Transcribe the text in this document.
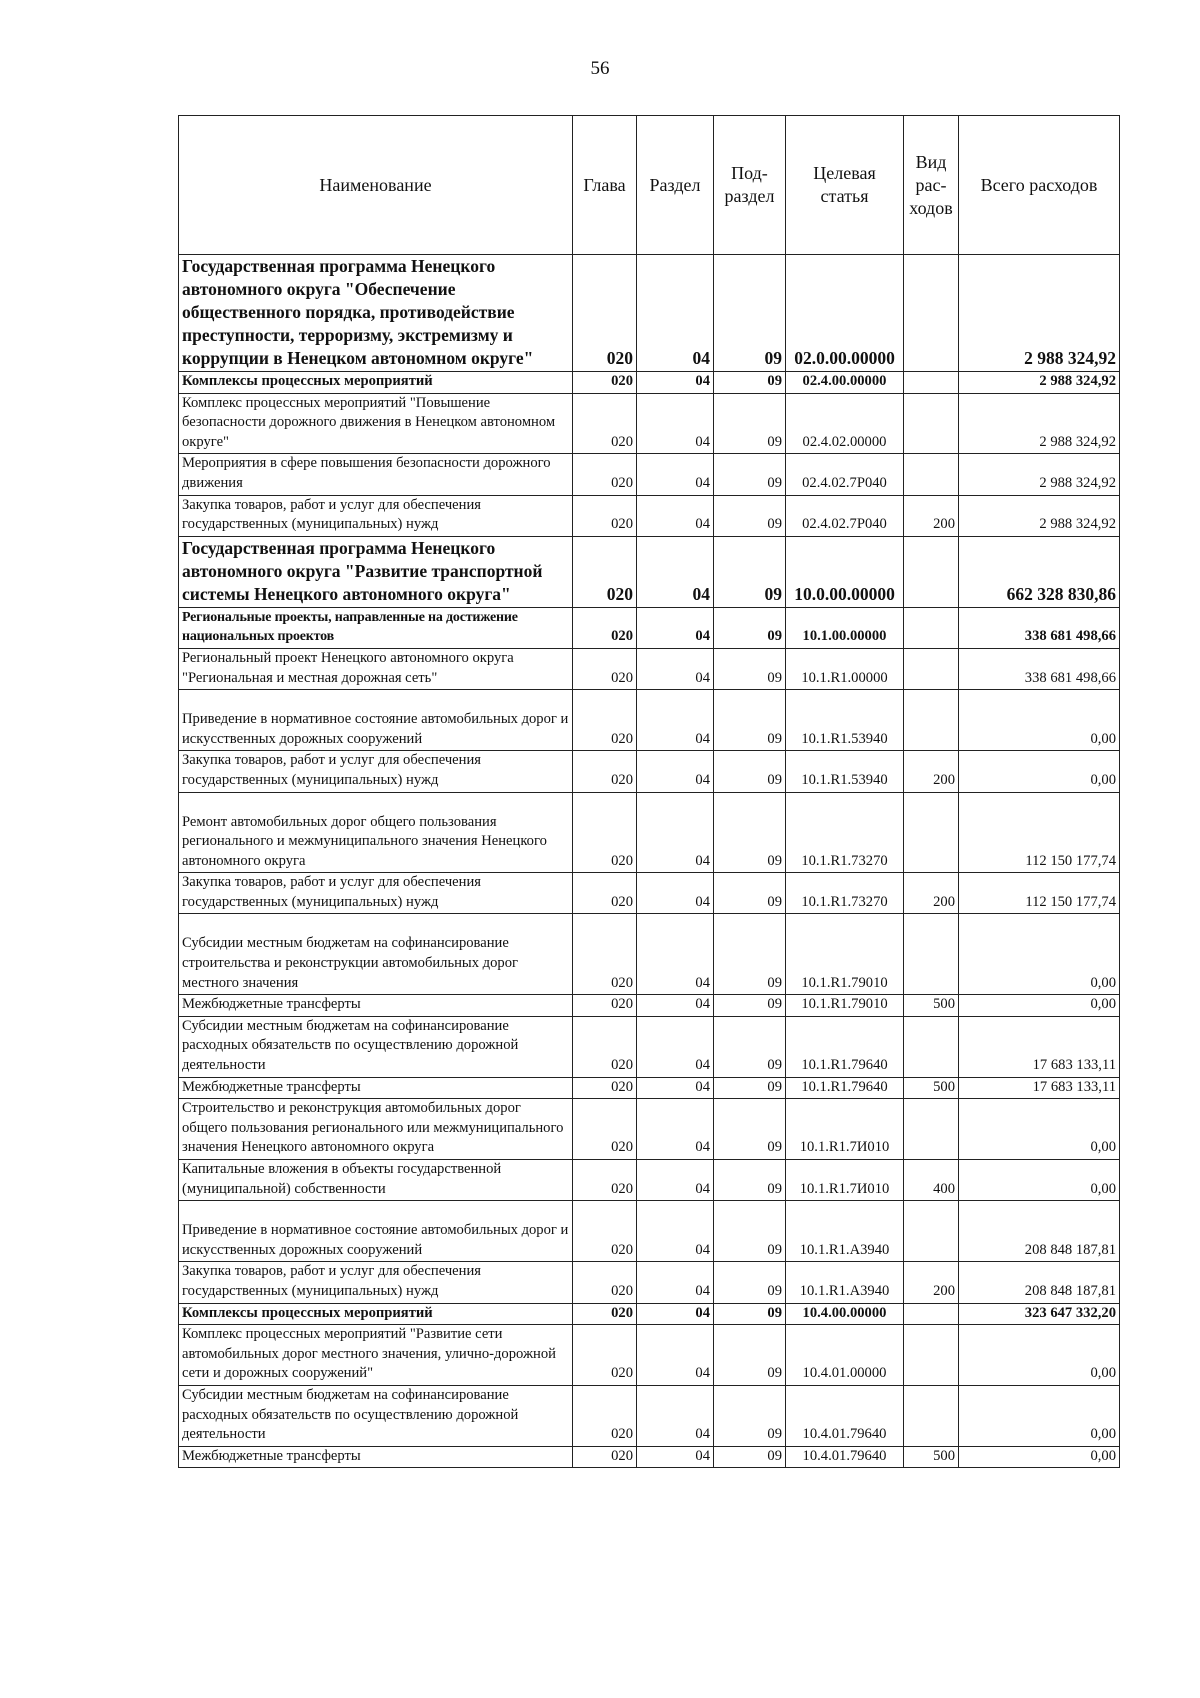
56
Наименование	Глава	Раздел	Под-раздел	Целевая статья	Вид рас-ходов	Всего расходов
Государственная программа Ненецкого автономного округа "Обеспечение общественного порядка, противодействие преступности, терроризму, экстремизму и коррупции в Ненецком автономном округе"	020	04	09	02.0.00.00000		2 988 324,92
Комплексы процессных мероприятий	020	04	09	02.4.00.00000		2 988 324,92
Комплекс процессных мероприятий "Повышение безопасности дорожного движения в Ненецком автономном округе"	020	04	09	02.4.02.00000		2 988 324,92
Мероприятия в сфере повышения безопасности дорожного движения	020	04	09	02.4.02.7Р040		2 988 324,92
Закупка товаров, работ и услуг для обеспечения государственных (муниципальных) нужд	020	04	09	02.4.02.7Р040	200	2 988 324,92
Государственная программа Ненецкого автономного округа "Развитие транспортной системы Ненецкого автономного округа"	020	04	09	10.0.00.00000		662 328 830,86
Региональные проекты, направленные на достижение национальных проектов	020	04	09	10.1.00.00000		338 681 498,66
Региональный проект Ненецкого автономного округа "Региональная и местная дорожная сеть"	020	04	09	10.1.R1.00000		338 681 498,66
Приведение в нормативное состояние автомобильных дорог и искусственных дорожных сооружений	020	04	09	10.1.R1.53940		0,00
Закупка товаров, работ и услуг для обеспечения государственных (муниципальных) нужд	020	04	09	10.1.R1.53940	200	0,00
Ремонт автомобильных дорог общего пользования регионального и межмуниципального значения Ненецкого автономного округа	020	04	09	10.1.R1.73270		112 150 177,74
Закупка товаров, работ и услуг для обеспечения государственных (муниципальных) нужд	020	04	09	10.1.R1.73270	200	112 150 177,74
Субсидии местным бюджетам на софинансирование строительства и реконструкции автомобильных дорог местного значения	020	04	09	10.1.R1.79010		0,00
Межбюджетные трансферты	020	04	09	10.1.R1.79010	500	0,00
Субсидии местным бюджетам на софинансирование расходных обязательств по осуществлению дорожной деятельности	020	04	09	10.1.R1.79640		17 683 133,11
Межбюджетные трансферты	020	04	09	10.1.R1.79640	500	17 683 133,11
Строительство и реконструкция автомобильных дорог общего пользования регионального или межмуниципального значения Ненецкого автономного округа	020	04	09	10.1.R1.7И010		0,00
Капитальные вложения в объекты государственной (муниципальной) собственности	020	04	09	10.1.R1.7И010	400	0,00
Приведение в нормативное состояние автомобильных дорог и искусственных дорожных сооружений	020	04	09	10.1.R1.А3940		208 848 187,81
Закупка товаров, работ и услуг для обеспечения государственных (муниципальных) нужд	020	04	09	10.1.R1.А3940	200	208 848 187,81
Комплексы процессных мероприятий	020	04	09	10.4.00.00000		323 647 332,20
Комплекс процессных мероприятий "Развитие сети автомобильных дорог местного значения, улично-дорожной сети и дорожных сооружений"	020	04	09	10.4.01.00000		0,00
Субсидии местным бюджетам на софинансирование расходных обязательств по осуществлению дорожной деятельности	020	04	09	10.4.01.79640		0,00
Межбюджетные трансферты	020	04	09	10.4.01.79640	500	0,00
